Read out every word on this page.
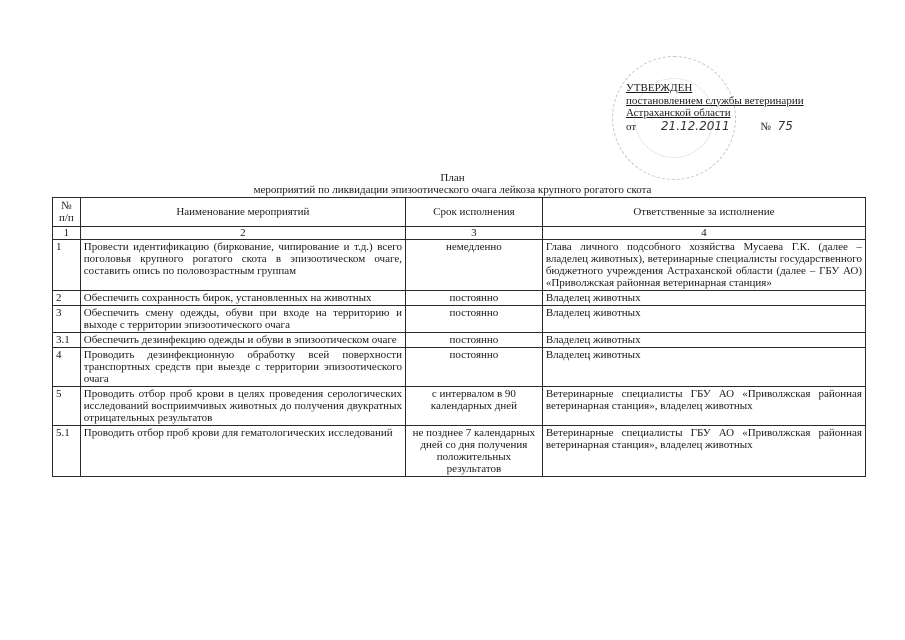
УТВЕРЖДЕН
постановлением службы ветеринарии
Астраханской области
от 21.12.2011	№ 75
План
мероприятий по ликвидации эпизоотического очага лейкоза крупного рогатого скота
№ п/п	Наименование мероприятий	Срок исполнения	Ответственные за исполнение
1	2	3	4
1	Провести идентификацию (биркование, чипирование и т.д.) всего поголовья крупного рогатого скота в эпизоотическом очаге, составить опись по половозрастным группам	немедленно	Глава личного подсобного хозяйства Мусаева Г.К. (далее – владелец животных), ветеринарные специалисты государственного бюджетного учреждения Астраханской области (далее – ГБУ АО) «Приволжская районная ветеринарная станция»
2	Обеспечить сохранность бирок, установленных на животных	постоянно	Владелец животных
3	Обеспечить смену одежды, обуви при входе на территорию и выходе с территории эпизоотического очага	постоянно	Владелец животных
3.1	Обеспечить дезинфекцию одежды и обуви в эпизоотическом очаге	постоянно	Владелец животных
4	Проводить дезинфекционную обработку всей поверхности транспортных средств при выезде с территории эпизоотического очага	постоянно	Владелец животных
5	Проводить отбор проб крови в целях проведения серологических исследований восприимчивых животных до получения двукратных отрицательных результатов	с интервалом в 90 календарных дней	Ветеринарные специалисты ГБУ АО «Приволжская районная ветеринарная станция», владелец животных
5.1	Проводить отбор проб крови для гематологических исследований	не позднее 7 календарных дней со дня получения положительных результатов	Ветеринарные специалисты ГБУ АО «Приволжская районная ветеринарная станция», владелец животных
